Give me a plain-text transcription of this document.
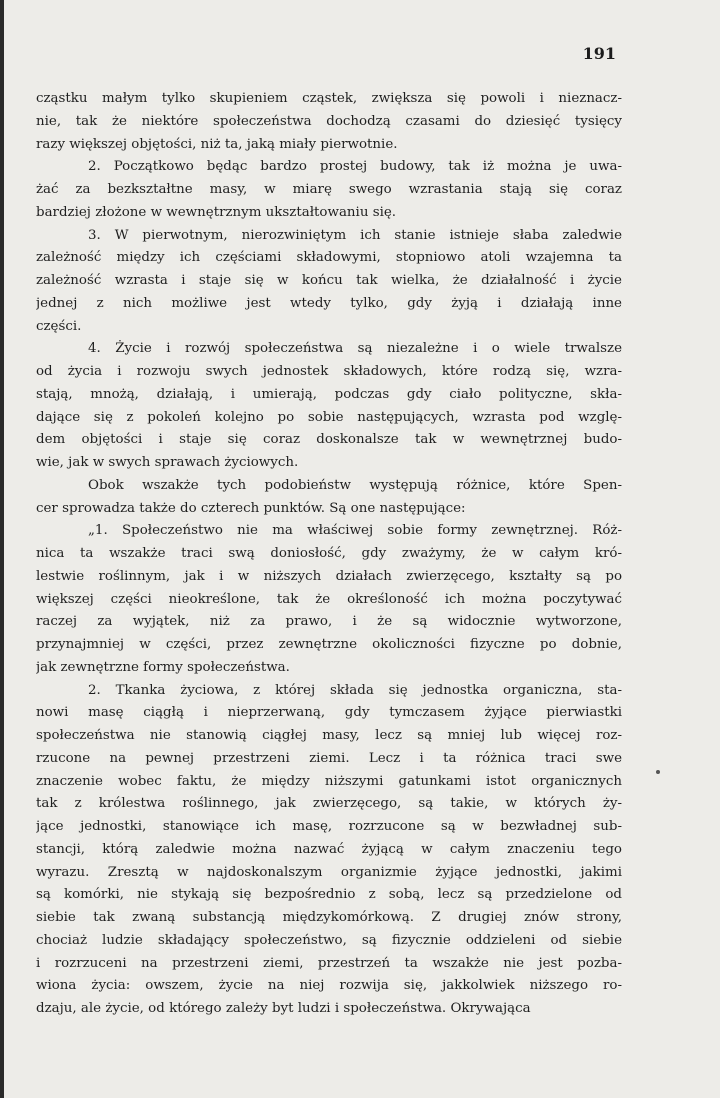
191

cząstku małym tylko skupieniem cząstek, zwiększa się powoli i nieznacz-
nie, tak że niektóre społeczeństwa dochodzą czasami do dziesięć tysięcy
razy większej objętości, niż ta, jaką miały pierwotnie.

2. Początkowo będąc bardzo prostej budowy, tak iż można je uwa-
żać za bezkształtne masy, w miarę swego wzrastania stają się coraz
bardziej złożone w wewnętrznym ukształtowaniu się.

3. W pierwotnym, nierozwiniętym ich stanie istnieje słaba zaledwie
zależność między ich częściami składowymi, stopniowo atoli wzajemna ta
zależność wzrasta i staje się w końcu tak wielka, że działalność i życie
jednej z nich możliwe jest wtedy tylko, gdy żyją i działają inne
części.

4. Życie i rozwój społeczeństwa są niezależne i o wiele trwalsze
od życia i rozwoju swych jednostek składowych, które rodzą się, wzra-
stają, mnożą, działają, i umierają, podczas gdy ciało polityczne, skła-
dające się z pokoleń kolejno po sobie następujących, wzrasta pod wzglę-
dem objętości i staje się coraz doskonalsze tak w wewnętrznej budo-
wie, jak w swych sprawach życiowych.

Obok wszakże tych podobieństw występują różnice, które Spen-
cer sprowadza także do czterech punktów. Są one następujące:

„1. Społeczeństwo nie ma właściwej sobie formy zewnętrznej. Róż-
nica ta wszakże traci swą doniosłość, gdy zważymy, że w całym kró-
lestwie roślinnym, jak i w niższych działach zwierzęcego, kształty są po
większej części nieokreślone, tak że określoność ich można poczytywać
raczej za wyjątek, niż za prawo, i że są widocznie wytworzone,
przynajmniej w części, przez zewnętrzne okoliczności fizyczne po dobnie,
jak zewnętrzne formy społeczeństwa.

2. Tkanka życiowa, z której składa się jednostka organiczna, sta-
nowi masę ciągłą i nieprzerwaną, gdy tymczasem żyjące pierwiastki
społeczeństwa nie stanowią ciągłej masy, lecz są mniej lub więcej roz-
rzucone na pewnej przestrzeni ziemi. Lecz i ta różnica traci swe
znaczenie wobec faktu, że między niższymi gatunkami istot organicznych
tak z królestwa roślinnego, jak zwierzęcego, są takie, w których ży-
jące jednostki, stanowiące ich masę, rozrzucone są w bezwładnej sub-
stancji, którą zaledwie można nazwać żyjącą w całym znaczeniu tego
wyrazu. Zresztą w najdoskonalszym organizmie żyjące jednostki, jakimi
są komórki, nie stykają się bezpośrednio z sobą, lecz są przedzielone od
siebie tak zwaną substancją międzykomórkową. Z drugiej znów strony,
chociaż ludzie składający społeczeństwo, są fizycznie oddzieleni od siebie
i rozrzuceni na przestrzeni ziemi, przestrzeń ta wszakże nie jest pozba-
wiona życia: owszem, życie na niej rozwija się, jakkolwiek niższego ro-
dzaju, ale życie, od którego zależy byt ludzi i społeczeństwa. Okrywająca
